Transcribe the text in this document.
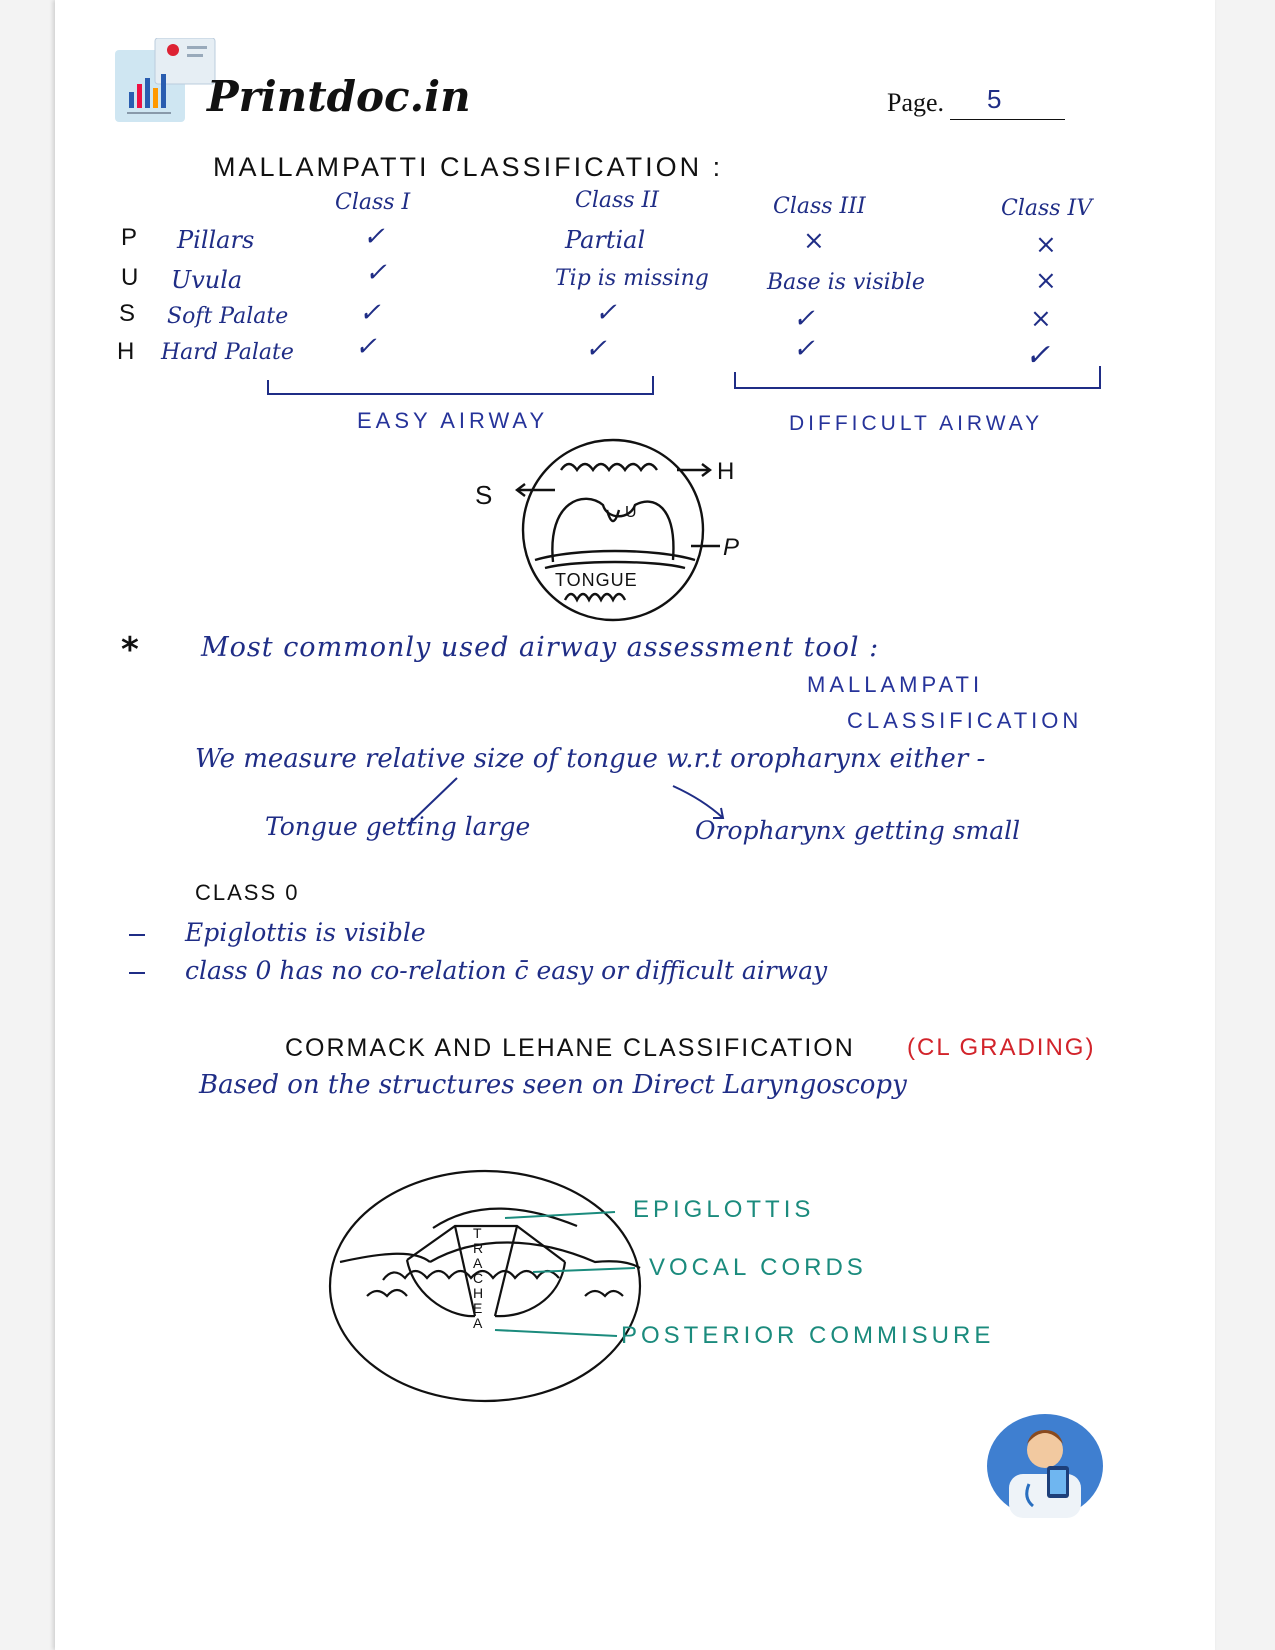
Printdoc.in	Page. 5
MALLAMPATTI CLASSIFICATION :
Class I	Class II	Class III	Class IV
P Pillars	✓	Partial	×	×
U Uvula	✓	Tip is missing	Base is visible	×
S Soft Palate	✓	✓	✓	×
H Hard Palate ✓	✓	✓	✓
EASY AIRWAY	DIFFICULT AIRWAY
S
H
P
U
TONGUE
* Most commonly used airway assessment tool :
MALLAMPATI
CLASSIFICATION
We measure relative size of tongue w.r.t oropharynx either -
Tongue getting large	Oropharynx getting small
CLASS 0
Epiglottis is visible
class 0 has no co-relation c̄ easy or difficult airway
CORMACK AND LEHANE CLASSIFICATION (CL GRADING)
Based on the structures seen on Direct Laryngoscopy
TRACHEA
EPIGLOTTIS
VOCAL CORDS
POSTERIOR COMMISURE
